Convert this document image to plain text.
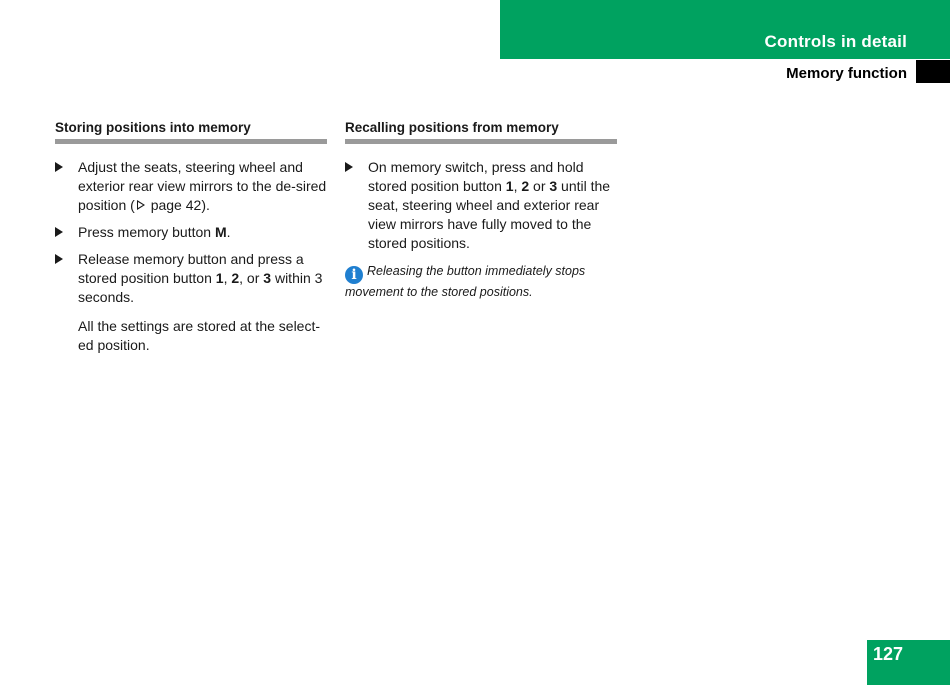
Controls in detail
Memory function
Storing positions into memory
Adjust the seats, steering wheel and exterior rear view mirrors to the de-sired position ( page 42).
Press memory button M.
Release memory button and press a stored position button 1, 2, or 3 within 3 seconds.
All the settings are stored at the select-ed position.
Recalling positions from memory
On memory switch, press and hold stored position button 1, 2 or 3 until the seat, steering wheel and exterior rear view mirrors have fully moved to the stored positions.
i Releasing the button immediately stops movement to the stored positions.
127
